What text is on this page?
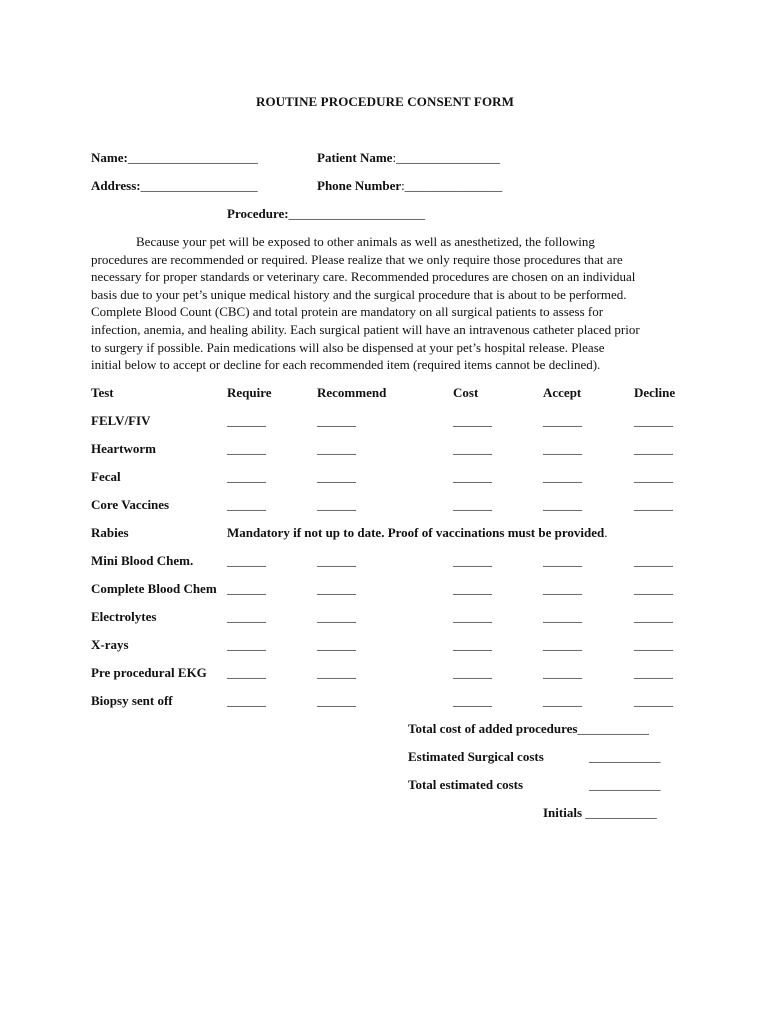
ROUTINE PROCEDURE CONSENT FORM
Name:____________________	Patient Name:________________
Address:__________________	Phone Number:_______________
Procedure:_____________________
Because your pet will be exposed to other animals as well as anesthetized, the following
procedures are recommended or required. Please realize that we only require those procedures that are
necessary for proper standards or veterinary care. Recommended procedures are chosen on an individual
basis due to your pet’s unique medical history and the surgical procedure that is about to be performed.
Complete Blood Count (CBC) and total protein are mandatory on all surgical patients to assess for
infection, anemia, and healing ability. Each surgical patient will have an intravenous catheter placed prior
to surgery if possible. Pain medications will also be dispensed at your pet’s hospital release. Please
initial below to accept or decline for each recommended item (required items cannot be declined).
Test	Require	Recommend	Cost	Accept	Decline
FELV/FIV	______	______	______	______	______
Heartworm	______	______	______	______	______
Fecal	______	______	______	______	______
Core Vaccines	______	______	______	______	______
Rabies	Mandatory if not up to date. Proof of vaccinations must be provided.
Mini Blood Chem.	______	______	______	______	______
Complete Blood Chem ______	______	______	______	______
Electrolytes	______	______	______	______	______
X-rays	______	______	______	______	______
Pre procedural EKG ______	______	______	______	______
Biopsy sent off	______	______	______	______	______
Total cost of added procedures___________
Estimated Surgical costs	___________
Total estimated costs	___________
Initials ___________
